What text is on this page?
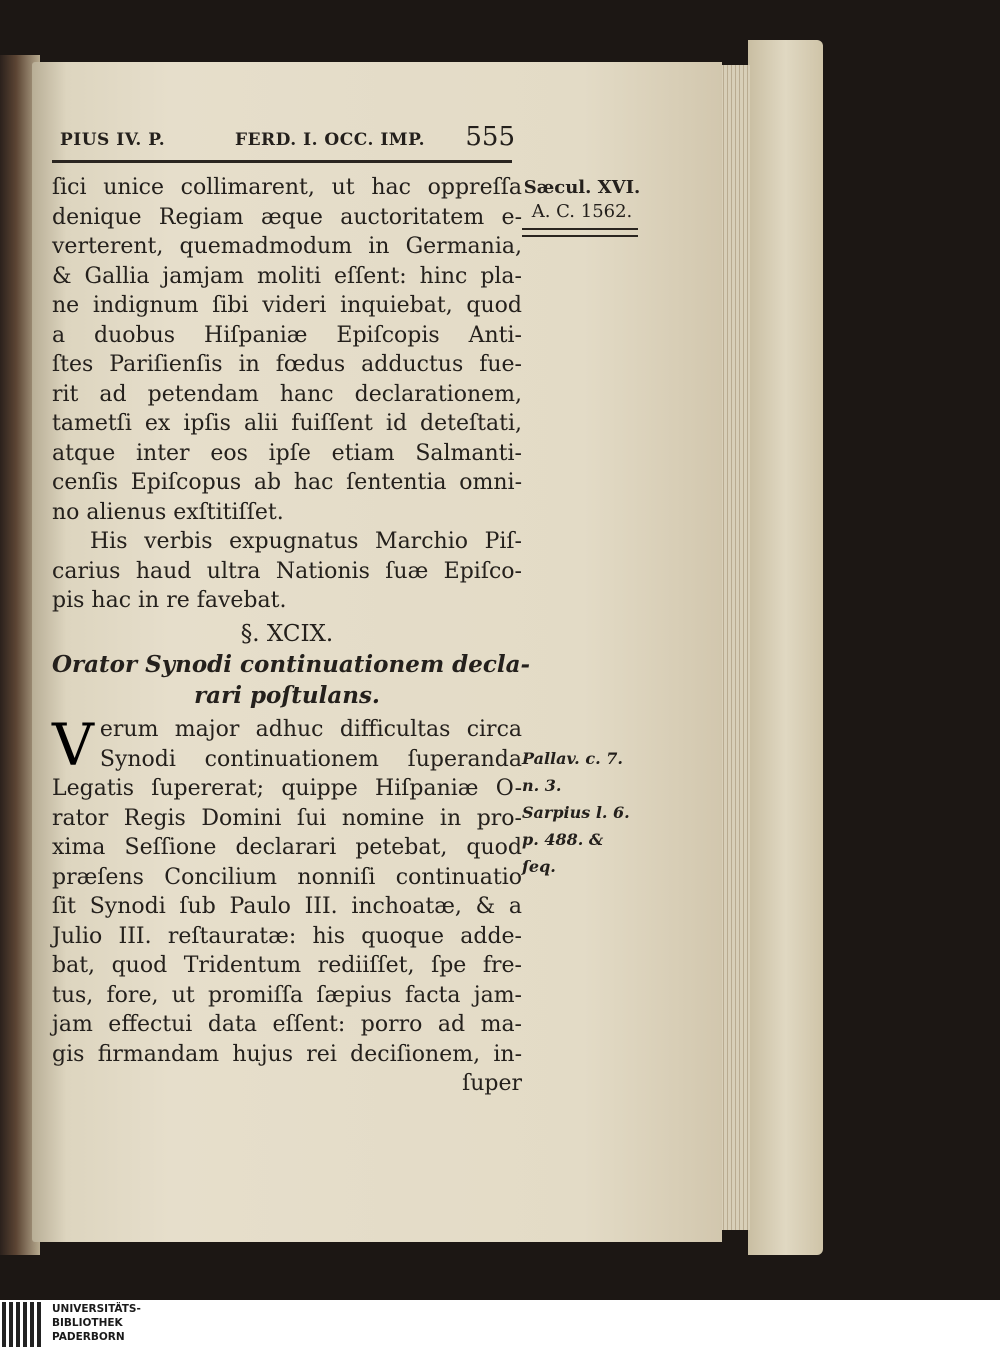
PIUS IV. P.	FERD. I. OCC. IMP. 555
Sæcul. XVI.
A. C. 1562.
ſici unice collimarent, ut hac oppreſſa
denique Regiam æque auctoritatem e-
verterent, quemadmodum in Germania,
& Gallia jamjam moliti eſſent: hinc pla-
ne indignum ſibi videri inquiebat, quod
a duobus Hiſpaniæ Epiſcopis Anti-
ſtes Pariſienſis in fœdus adductus fue-
rit ad petendam hanc declarationem,
tametſi ex ipſis alii fuiſſent id deteſtati,
atque inter eos ipſe etiam Salmanti-
cenſis Epiſcopus ab hac ſententia omni-
no alienus exſtitiſſet.
His verbis expugnatus Marchio Piſ-
carius haud ultra Nationis ſuæ Epiſco-
pis hac in re favebat.
§. XCIX.
Orator Synodi continuationem decla-
rari poſtulans.
V erum major adhuc difficultas circa
Synodi continuationem ſuperanda
Legatis ſupererat; quippe Hiſpaniæ O-
rator Regis Domini ſui nomine in pro-
xima Seſſione declarari petebat, quod
præſens Concilium nonniſi continuatio
ſit Synodi ſub Paulo III. inchoatæ, & a
Julio III. reſtauratæ: his quoque adde-
bat, quod Tridentum rediiſſet, ſpe fre-
tus, fore, ut promiſſa ſæpius facta jam-
jam effectui data eſſent: porro ad ma-
gis firmandam hujus rei deciſionem, in-
ſuper
Pallav. c. 7.
n. 3.
Sarpius l. 6.
p. 488. &
ſeq.
UNIVERSITÄTS-
BIBLIOTHEK
PADERBORN
